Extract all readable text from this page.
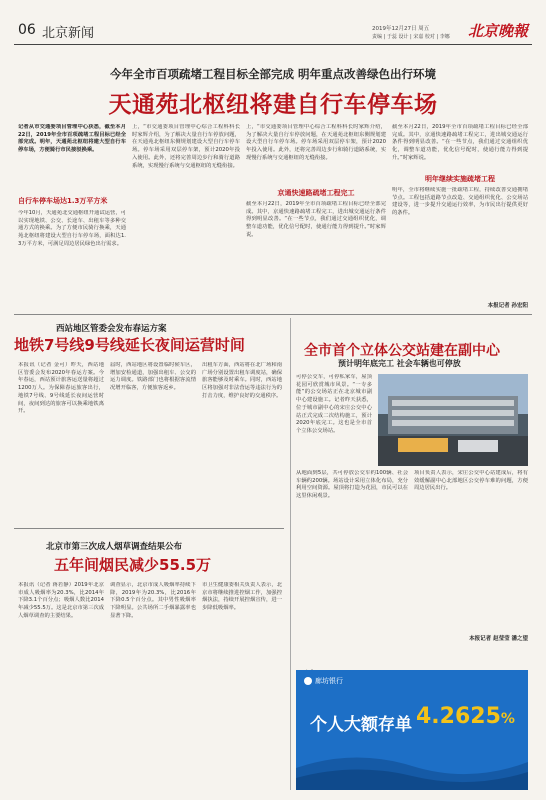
06 北京新闻	2019年12月27日 周五
责编 | 于蕊 设计 | 宋嘉 校对 | 李娜 北京晚報
今年全市百项疏堵工程目标全部完成 明年重点改善绿色出行环境
天通苑北枢纽将建自行车停车场
记者从市交通委项目管理中心获悉，截至本月22日，2019年全市百项疏堵工程目标已经全部完成。明年，天通苑北枢纽将建大型自行车停车场，方便骑行市民接驳换乘。
自行车停车场达1.3万平方米
今年10月，天通苑北交通枢纽开通试运营，可以实现地铁、公交、长途车、出租车等多种交通方式的换乘。为了方便市民骑行换乘，天通苑北枢纽将建设大型自行车停车场，面积达1.3万平方米，可满足周边居民绿色出行需求。
上，“市交通委项目管理中心综合工程科科长时家辉介绍，为了解决大量自行车停放问题，在天通苑北枢纽东侧规划建设大型自行车停车场。停车场采用双层停车架，预计2020年投入使用。此外，还将完善周边步行和骑行道路系统，实现慢行系统与交通枢纽的无缝衔接。
上，“市交通委项目管理中心综合工程科科长时家辉介绍，为了解决大量自行车停放问题，在天通苑北枢纽东侧规划建设大型自行车停车场。停车场采用双层停车架，预计2020年投入使用。此外，还将完善周边步行和骑行道路系统，实现慢行系统与交通枢纽的无缝衔接。
京通快速路疏堵工程完工
截至本月22日，2019年全市百项疏堵工程目标已经全部完成。其中，京通快速路疏堵工程完工，进出城交通运行条件得到明显改善。“在一些节点，我们通过交通组织优化，调整车道功能，优化信号配时，使通行能力得到提升。”时家辉说。
截至本月22日，2019年全市百项疏堵工程目标已经全部完成。其中，京通快速路疏堵工程完工，进出城交通运行条件得到明显改善。“在一些节点，我们通过交通组织优化，调整车道功能，优化信号配时，使通行能力得到提升。”时家辉说。
明年继续实施疏堵工程
明年，全市将继续实施一批疏堵工程，持续改善交通拥堵节点。工程包括道路节点改造、交通组织优化、公交场站建设等，进一步提升交通运行效率，为市民出行提供更好的条件。
本报记者 孙宏阳
西站地区管委会发布春运方案
地铁7号线9号线延长夜间运营时间
本报讯（记者 金可）昨天，西站地区管委会发布2020年春运方案。今年春运，西站预计旅客运送量将超过1200万人。为保障春运旅客出行，地铁7号线、9号线延长夜间运营时间，夜间到达的旅客可以换乘地铁离开。
届时，西站地区将设置临时候车区，增加安检通道，加强出租车、公交的运力调度。铁路部门也将根据客流情况增开临客，方便旅客返乡。
出租车方面，西站将在北广场和南广场分别设置出租车调度站，确保旅客能够及时乘车。同时，西站地区将加强对非法营运等违法行为的打击力度，维护良好的交通秩序。
北京市第三次成人烟草调查结果公布
五年间烟民减少55.5万
本报讯（记者 蒋若静）2019年北京市成人吸烟率为20.3%，比2014年下降3.1个百分点；吸烟人数比2014年减少55.5万。这是北京市第三次成人烟草调查的主要结果。
调查显示，北京市成人吸烟率持续下降，2019年为20.3%，比2016年下降0.5个百分点。其中男性吸烟率下降明显。公共场所二手烟暴露率也显著下降。
市卫生健康委相关负责人表示，北京市将继续推进控烟工作，加强控烟执法，持续开展控烟宣传，进一步降低吸烟率。
全市首个立体公交站建在副中心
预计明年底完工 社会车辆也可停放
可停公交车，可停私家车，屋顶花园可欣赏城市风景。“一专多能”的公交场站正在北京城市副中心建设施工。记者昨天获悉，位于城市副中心的宋庄公交中心站正式完成二次结构施工，预计2020年底完工。这也是全市首个立体公交场站。
从地面到5层，共可停放公交车约100辆、社会车辆约200辆。场站设计采用立体化布局，充分利用空间资源。屋顶将打造为花园，市民可以在这里休闲观景。
项目负责人表示，宋庄公交中心站建成后，将有效缓解副中心北部地区公交停车难的问题，方便周边居民出行。
本报记者 赵莹莹 潘之望
廊坊银行
个人大额存单 4.2625%
